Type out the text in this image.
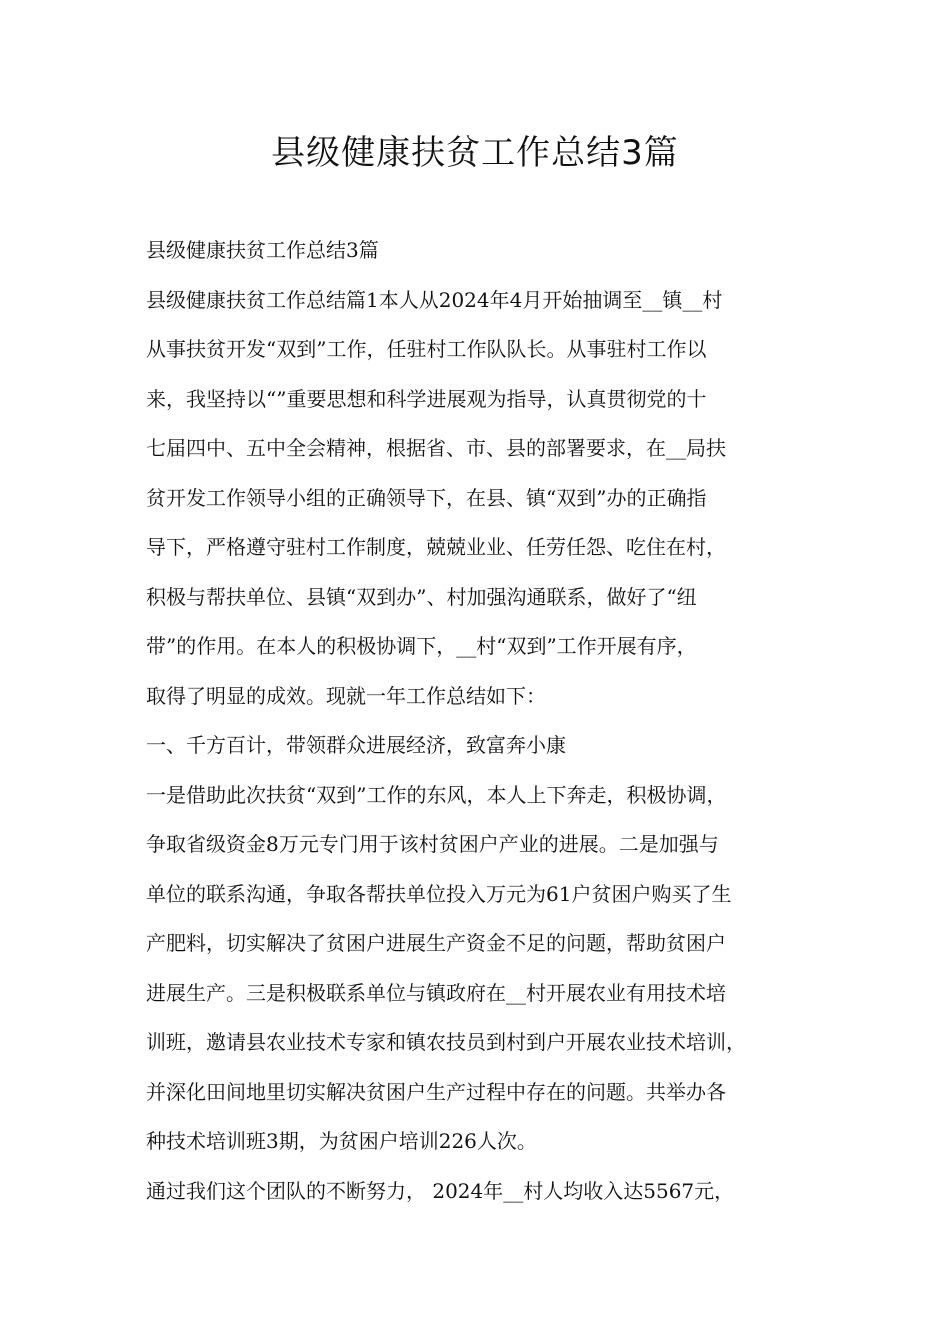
县级健康扶贫工作总结3篇
县级健康扶贫工作总结3篇
县级健康扶贫工作总结篇1本人从2024年4月开始抽调至__镇__村
从事扶贫开发“双到”工作，任驻村工作队队长。从事驻村工作以
来，我坚持以“”重要思想和科学进展观为指导，认真贯彻党的十
七届四中、五中全会精神，根据省、市、县的部署要求，在__局扶
贫开发工作领导小组的正确领导下，在县、镇“双到”办的正确指
导下，严格遵守驻村工作制度，兢兢业业、任劳任怨、吃住在村，
积极与帮扶单位、县镇“双到办”、村加强沟通联系，做好了“纽
带”的作用。在本人的积极协调下，__村“双到”工作开展有序，
取得了明显的成效。现就一年工作总结如下：
一、千方百计，带领群众进展经济，致富奔小康
一是借助此次扶贫“双到”工作的东风，本人上下奔走，积极协调，
争取省级资金8万元专门用于该村贫困户产业的进展。二是加强与
单位的联系沟通，争取各帮扶单位投入万元为61户贫困户购买了生
产肥料，切实解决了贫困户进展生产资金不足的问题，帮助贫困户
进展生产。三是积极联系单位与镇政府在__村开展农业有用技术培
训班，邀请县农业技术专家和镇农技员到村到户开展农业技术培训，
并深化田间地里切实解决贫困户生产过程中存在的问题。共举办各
种技术培训班3期，为贫困户培训226人次。
通过我们这个团队的不断努力， 2024年__村人均收入达5567元，
